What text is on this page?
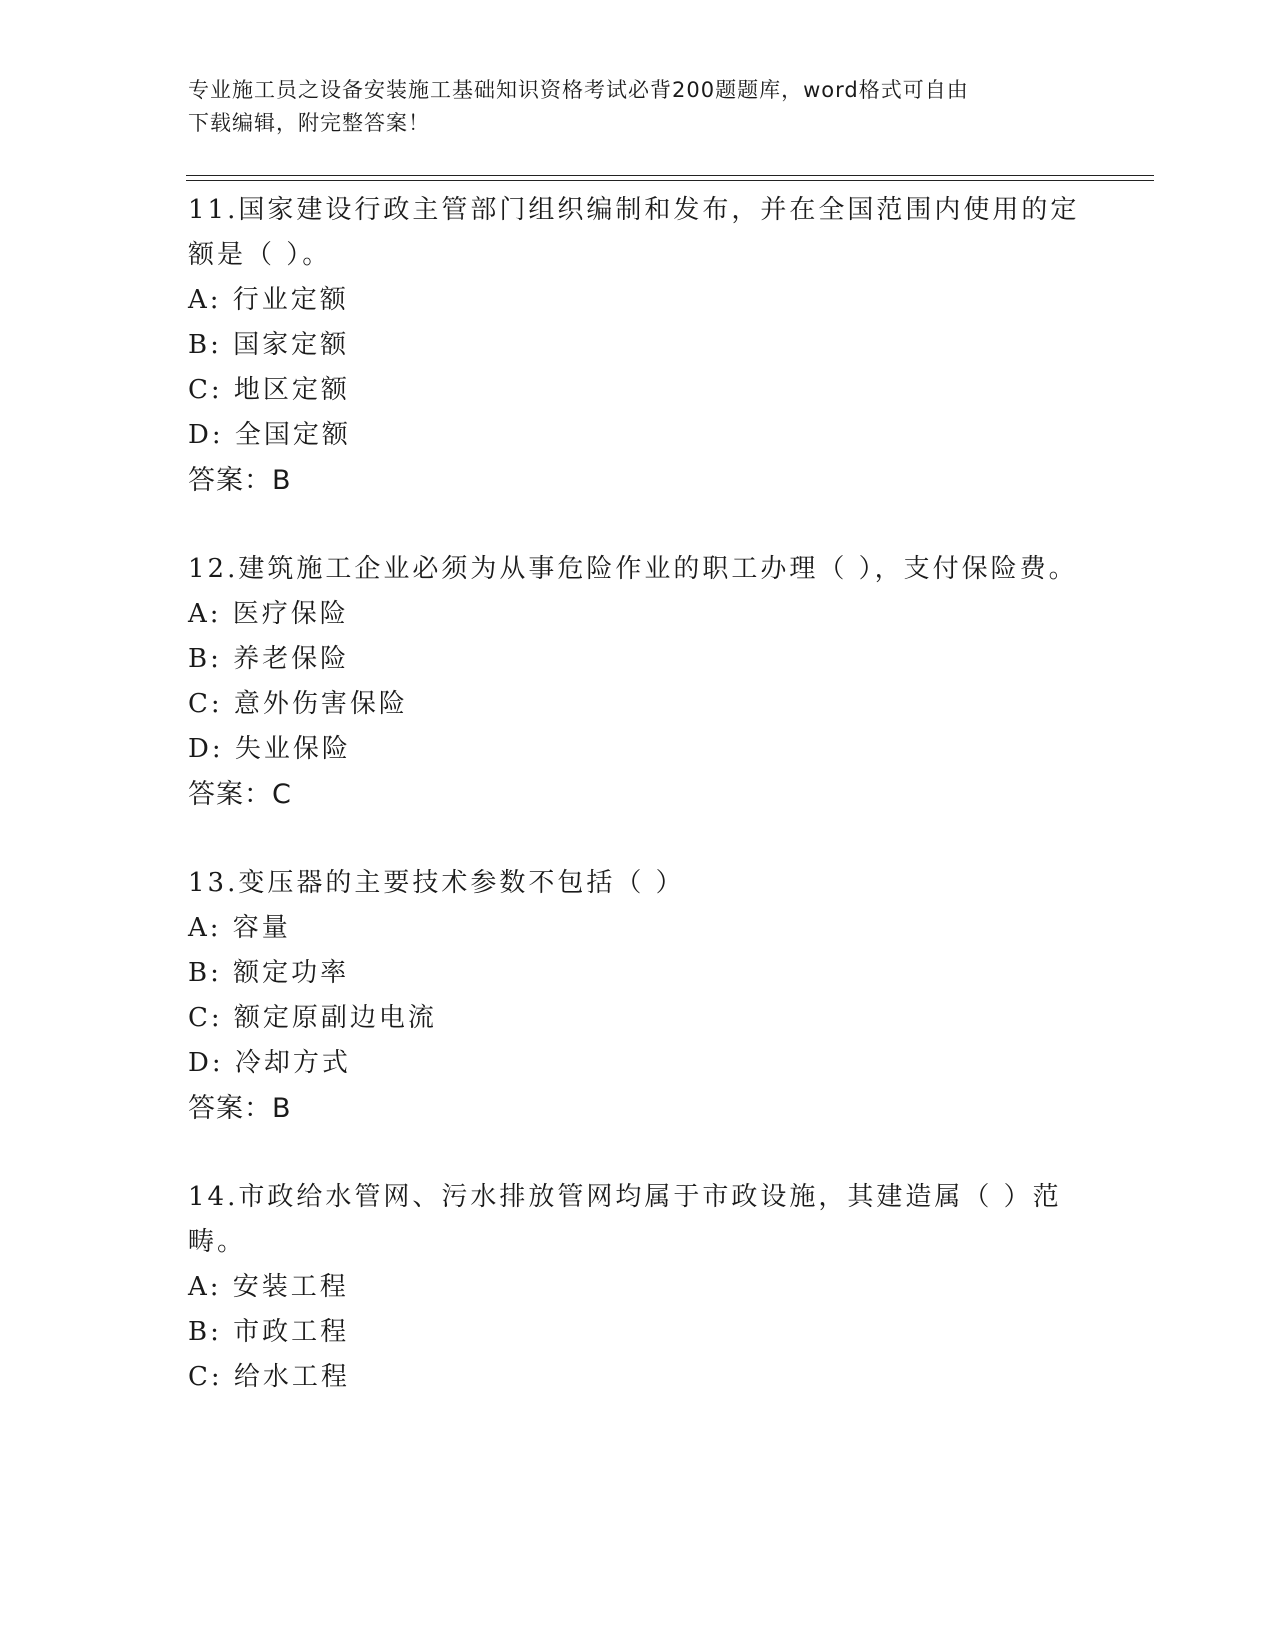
专业施工员之设备安装施工基础知识资格考试必背200题题库，word格式可自由
下载编辑，附完整答案！

11.国家建设行政主管部门组织编制和发布，并在全国范围内使用的定额是（ ）。

A: 行业定额
B: 国家定额
C: 地区定额
D: 全国定额
答案：B

12.建筑施工企业必须为从事危险作业的职工办理（ ），支付保险费。

A: 医疗保险
B: 养老保险
C: 意外伤害保险
D: 失业保险
答案：C

13.变压器的主要技术参数不包括（ ）

A: 容量
B: 额定功率
C: 额定原副边电流
D: 冷却方式
答案：B

14.市政给水管网、污水排放管网均属于市政设施，其建造属（ ）范畴。

A: 安装工程
B: 市政工程
C: 给水工程
